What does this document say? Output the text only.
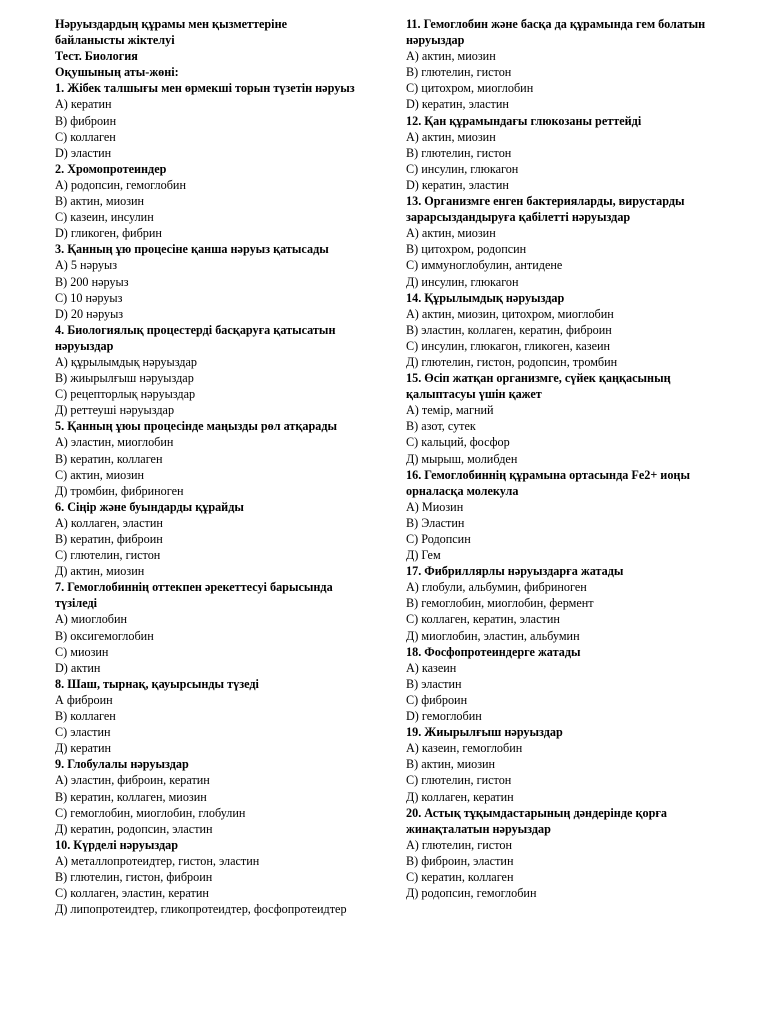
Нәруыздардың құрамы мен қызметтеріне байланысты жіктелуі
Тест. Биология
Оқушының аты-жөні:
1. Жібек талшығы мен өрмекші торын түзетін нәруыз
А) кератин
В) фиброин
С) коллаген
D) эластин
2. Хромопротеиндер
А) родопсин, гемоглобин
В) актин, миозин
С) казеин, инсулин
D) гликоген, фибрин
3. Қанның ұю процесіне қанша нәруыз қатысады
А) 5 нәруыз
В) 200 нәруыз
С) 10 нәруыз
D) 20 нәруыз
4. Биологиялық процестерді басқаруға қатысатын нәруыздар
А) құрылымдық нәруыздар
В) жиырылғыш нәруыздар
С) рецепторлық нәруыздар
Д) реттеуші нәруыздар
5. Қанның ұюы процесінде маңызды рөл атқарады
А) эластин, миоглобин
В) кератин, коллаген
С) актин, миозин
Д) тромбин, фибриноген
6. Сіңір және буындарды құрайды
А) коллаген, эластин
В) кератин, фиброин
С) глютелин, гистон
Д) актин, миозин
7. Гемоглобиннің оттекпен әрекеттесуі барысында түзіледі
А) миоглобин
В) оксигемоглобин
С) миозин
D) актин
8. Шаш, тырнақ, қауырсынды түзеді
А фиброин
В) коллаген
С) эластин
Д) кератин
9. Глобулалы нәруыздар
А) эластин, фиброин, кератин
В) кератин, коллаген, миозин
С) гемоглобин, миоглобин, глобулин
Д) кератин, родопсин, эластин
10. Күрделі нәруыздар
А) металлопротеидтер, гистон, эластин
В) глютелин, гистон, фиброин
С) коллаген, эластин, кератин
Д) липопротеидтер, гликопротеидтер, фосфопротеидтер
11. Гемоглобин және басқа да құрамында гем болатын нәруыздар
А) актин, миозин
В) глютелин, гистон
С) цитохром, миоглобин
D) кератин, эластин
12. Қан құрамындағы глюкозаны реттейді
А) актин, миозин
В) глютелин, гистон
С) инсулин, глюкагон
D) кератин, эластин
13. Организмге енген бактерияларды, вирустарды зарарсыздандыруға қабілетті нәруыздар
А) актин, миозин
В) цитохром, родопсин
С) иммуноглобулин, антидене
Д) инсулин, глюкагон
14. Құрылымдық нәруыздар
А) актин, миозин, цитохром, миоглобин
В) эластин, коллаген, кератин, фиброин
С) инсулин, глюкагон, гликоген, казеин
Д) глютелин, гистон, родопсин, тромбин
15. Өсіп жатқан организмге, сүйек қаңқасының қалыптасуы үшін қажет
А) темір, магний
В) азот, сутек
С) кальций, фосфор
Д) мырыш, молибден
16. Гемоглобиннің құрамына ортасында Fe2+ иоңы орналасқа молекула
А) Миозин
В) Эластин
С) Родопсин
Д) Гем
17. Фибриллярлы нәруыздарға жатады
А) глобули, альбумин, фибриноген
В) гемоглобин, миоглобин, фермент
С) коллаген, кератин, эластин
Д) миоглобин, эластин, альбумин
18. Фосфопротеиндерге жатады
А) казеин
В) эластин
С) фиброин
D) гемоглобин
19. Жиырылғыш нәруыздар
А) казеин, гемоглобин
В) актин, миозин
С) глютелин, гистон
Д) коллаген, кератин
20. Астық тұқымдастарының дәндерінде қорға жинақталатын нәруыздар
А) глютелин, гистон
В) фиброин, эластин
С) кератин, коллаген
Д) родопсин, гемоглобин
